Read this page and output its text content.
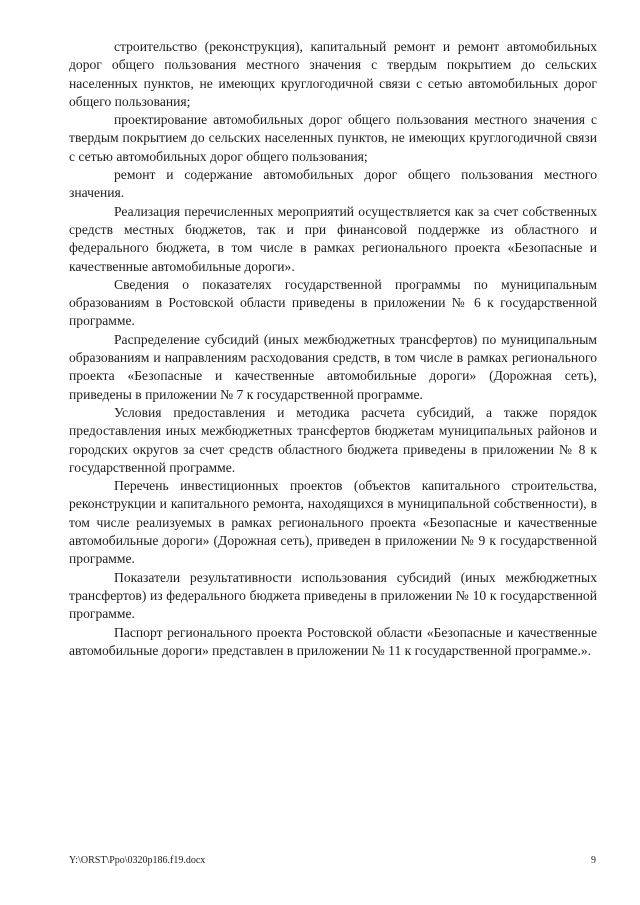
строительство (реконструкция), капитальный ремонт и ремонт автомобильных дорог общего пользования местного значения с твердым покрытием до сельских населенных пунктов, не имеющих круглогодичной связи с сетью автомобильных дорог общего пользования;

проектирование автомобильных дорог общего пользования местного значения с твердым покрытием до сельских населенных пунктов, не имеющих круглогодичной связи с сетью автомобильных дорог общего пользования;

ремонт и содержание автомобильных дорог общего пользования местного значения.

Реализация перечисленных мероприятий осуществляется как за счет собственных средств местных бюджетов, так и при финансовой поддержке из областного и федерального бюджета, в том числе в рамках регионального проекта «Безопасные и качественные автомобильные дороги».

Сведения о показателях государственной программы по муниципальным образованиям в Ростовской области приведены в приложении № 6 к государственной программе.

Распределение субсидий (иных межбюджетных трансфертов) по муниципальным образованиям и направлениям расходования средств, в том числе в рамках регионального проекта «Безопасные и качественные автомобильные дороги» (Дорожная сеть), приведены в приложении № 7 к государственной программе.

Условия предоставления и методика расчета субсидий, а также порядок предоставления иных межбюджетных трансфертов бюджетам муниципальных районов и городских округов за счет средств областного бюджета приведены в приложении № 8 к государственной программе.

Перечень инвестиционных проектов (объектов капитального строительства, реконструкции и капитального ремонта, находящихся в муниципальной собственности), в том числе реализуемых в рамках регионального проекта «Безопасные и качественные автомобильные дороги» (Дорожная сеть), приведен в приложении № 9 к государственной программе.

Показатели результативности использования субсидий (иных межбюджетных трансфертов) из федерального бюджета приведены в приложении № 10 к государственной программе.

Паспорт регионального проекта Ростовской области «Безопасные и качественные автомобильные дороги» представлен в приложении № 11 к государственной программе.».

Y:\ORST\Ppo\0320p186.f19.docx	9
